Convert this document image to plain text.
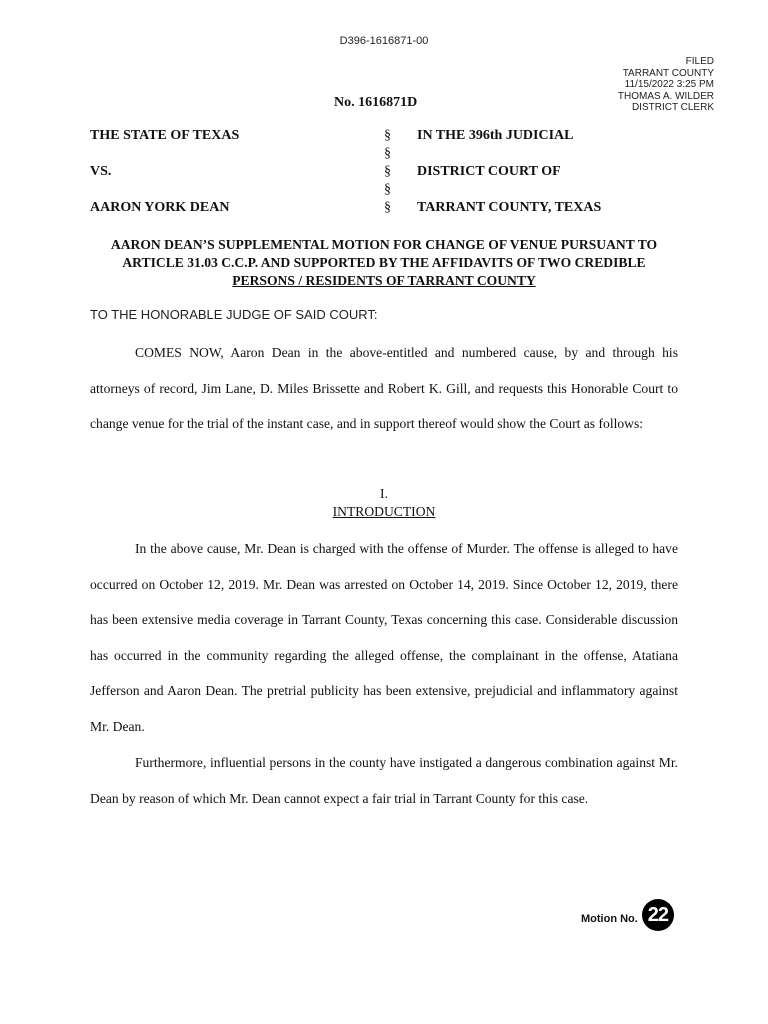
D396-1616871-00
FILED
TARRANT COUNTY
11/15/2022 3:25 PM
THOMAS A. WILDER
DISTRICT CLERK
No. 1616871D
THE STATE OF TEXAS	§ IN THE 396th JUDICIAL
§
VS.	§ DISTRICT COURT OF
§
AARON YORK DEAN	§ TARRANT COUNTY, TEXAS
AARON DEAN’S SUPPLEMENTAL MOTION FOR CHANGE OF VENUE PURSUANT TO
ARTICLE 31.03 C.C.P. AND SUPPORTED BY THE AFFIDAVITS OF TWO CREDIBLE
PERSONS / RESIDENTS OF TARRANT COUNTY
TO THE HONORABLE JUDGE OF SAID COURT:
COMES NOW, Aaron Dean in the above-entitled and numbered cause, by and through his attorneys of record, Jim Lane, D. Miles Brissette and Robert K. Gill, and requests this Honorable Court to change venue for the trial of the instant case, and in support thereof would show the Court as follows:
I.
INTRODUCTION
In the above cause, Mr. Dean is charged with the offense of Murder. The offense is alleged to have occurred on October 12, 2019. Mr. Dean was arrested on October 14, 2019. Since October 12, 2019, there has been extensive media coverage in Tarrant County, Texas concerning this case. Considerable discussion has occurred in the community regarding the alleged offense, the complainant in the offense, Atatiana Jefferson and Aaron Dean. The pretrial publicity has been extensive, prejudicial and inflammatory against Mr. Dean.
Furthermore, influential persons in the county have instigated a dangerous combination against Mr. Dean by reason of which Mr. Dean cannot expect a fair trial in Tarrant County for this case.
Motion No. 22
